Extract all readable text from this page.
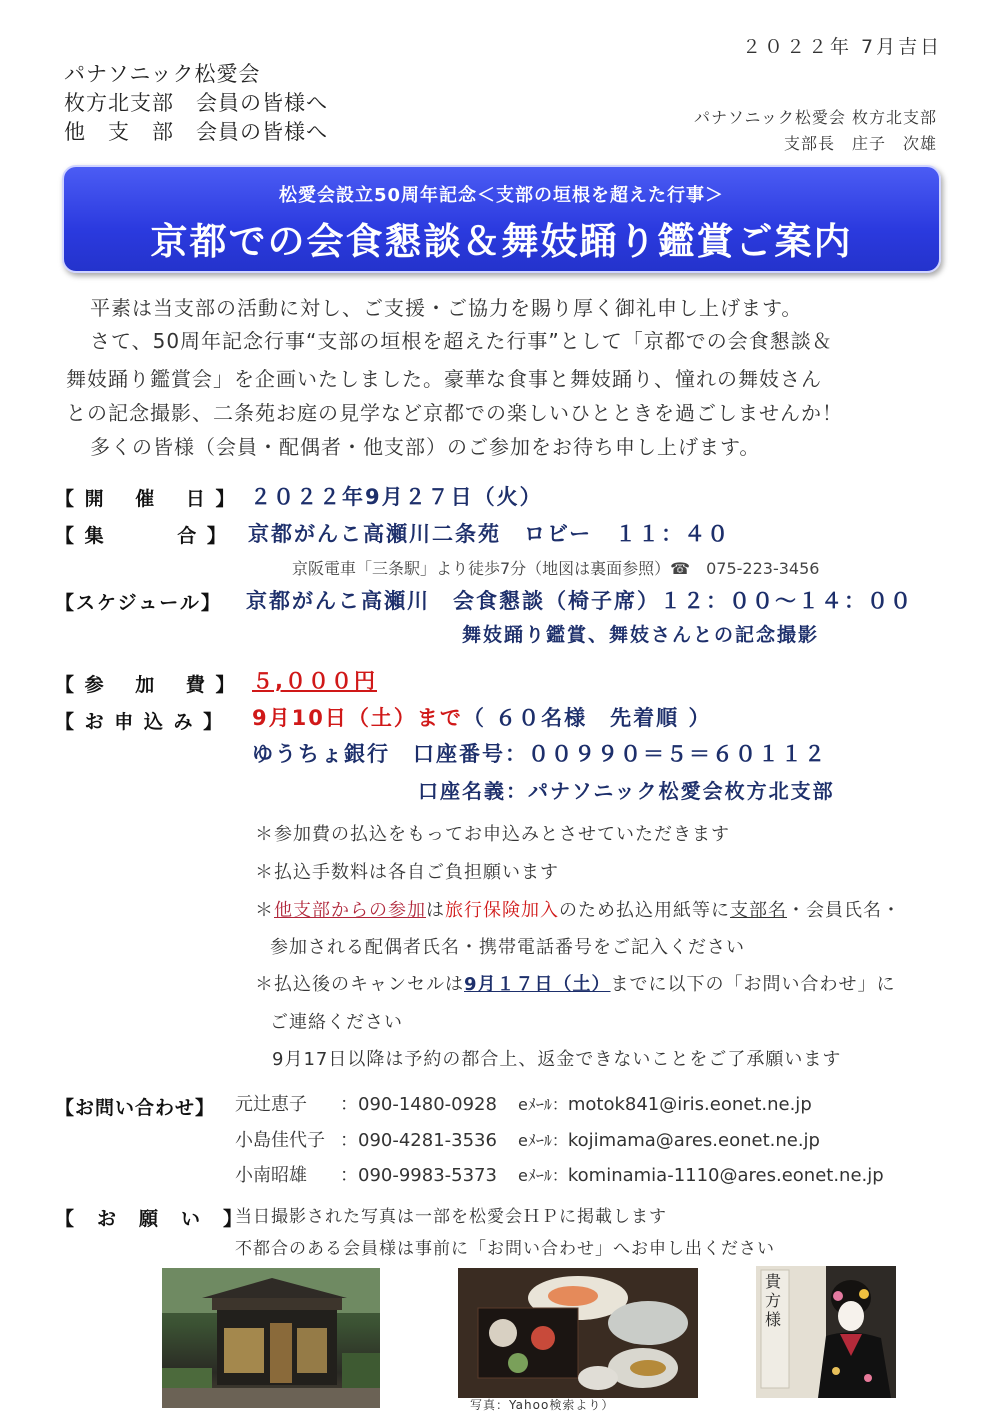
２０２２年 7月吉日
パナソニック松愛会
枚方北支部　会員の皆様へ
他　支　部　会員の皆様へ
パナソニック松愛会 枚方北支部
支部長　庄子　次雄
松愛会設立50周年記念＜支部の垣根を超えた行事＞
京都での会食懇談＆舞妓踊り鑑賞ご案内
平素は当支部の活動に対し、ご支援・ご協力を賜り厚く御礼申し上げます。
さて、50周年記念行事“支部の垣根を超えた行事”として「京都での会食懇談＆
舞妓踊り鑑賞会」を企画いたしました。豪華な食事と舞妓踊り、憧れの舞妓さん
との記念撮影、二条苑お庭の見学など京都での楽しいひとときを過ごしませんか！
多くの皆様（会員・配偶者・他支部）のご参加をお待ち申し上げます。
【 開　 催　 日 】 ２０２２年9月２７日（火）
【 集　　　 合 】 京都がんこ高瀬川二条苑　ロビー　１１：４０
京阪電車「三条駅」より徒歩7分（地図は裏面参照）☎　075-223-3456
【スケジュール】 京都がんこ高瀬川　会食懇談（椅子席）１２：００～１４：００
舞妓踊り鑑賞、舞妓さんとの記念撮影
【 参　 加　 費 】 ５,０００円
【 お 申 込 み 】 9月10日（土）まで（ ６０名様　先着順 ）
ゆうちょ銀行　口座番号：００９９０＝５＝６０１１２
口座名義：パナソニック松愛会枚方北支部
＊参加費の払込をもってお申込みとさせていただきます
＊払込手数料は各自ご負担願います
＊他支部からの参加は旅行保険加入のため払込用紙等に支部名・会員氏名・
参加される配偶者氏名・携帯電話番号をご記入ください
＊払込後のキャンセルは9月１７日（土）までに以下の「お問い合わせ」に
ご連絡ください
9月17日以降は予約の都合上、返金できないことをご了承願います
【お問い合わせ】 元辻恵子 ：090-1480-0928 eﾒｰﾙ：motok841@iris.eonet.ne.jp
小島佳代子 ：090-4281-3536 eﾒｰﾙ：kojimama@ares.eonet.ne.jp
小南昭雄 ：090-9983-5373 eﾒｰﾙ：kominamia-1110@ares.eonet.ne.jp
【　お　願　い　】
当日撮影された写真は一部を松愛会ＨＰに掲載します
不都合のある会員様は事前に「お問い合わせ」へお申し出ください
写真：Yahoo検索より）
貴方様
